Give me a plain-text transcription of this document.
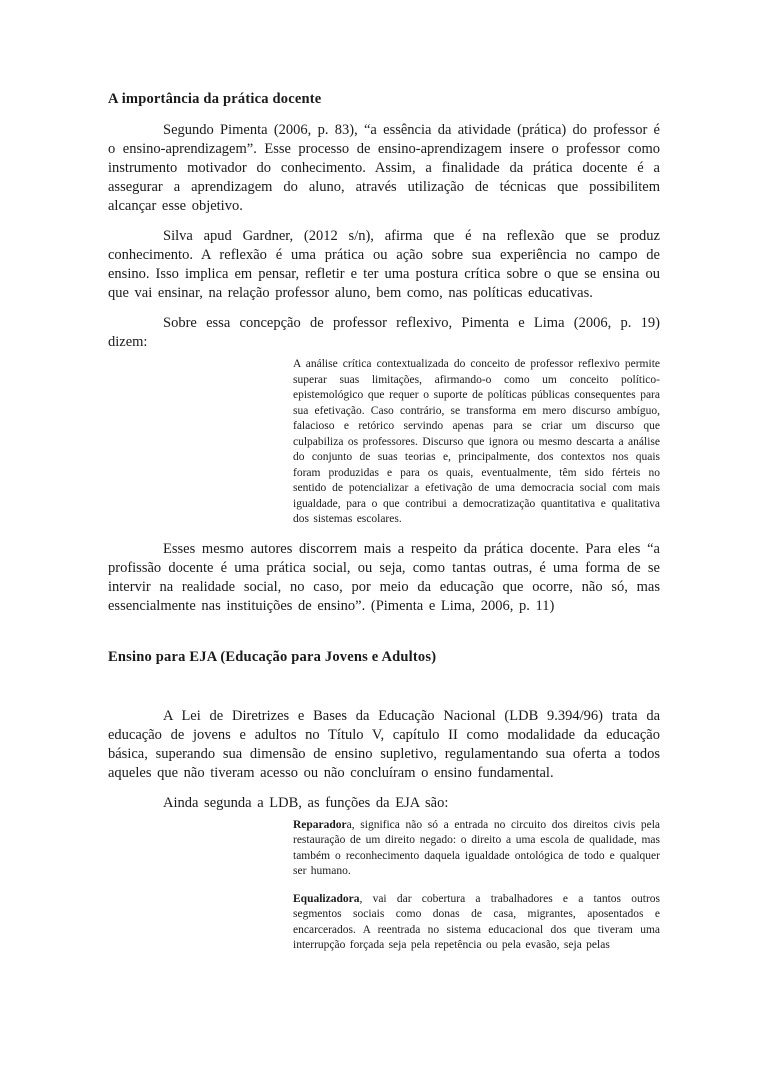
A importância da prática docente

Segundo Pimenta (2006, p. 83), “a essência da atividade (prática) do professor é o ensino-aprendizagem”. Esse processo de ensino-aprendizagem insere o professor como instrumento motivador do conhecimento. Assim, a finalidade da prática docente é a assegurar a aprendizagem do aluno, através utilização de técnicas que possibilitem alcançar esse objetivo.

Silva apud Gardner, (2012 s/n), afirma que é na reflexão que se produz conhecimento. A reflexão é uma prática ou ação sobre sua experiência no campo de ensino. Isso implica em pensar, refletir e ter uma postura crítica sobre o que se ensina ou que vai ensinar, na relação professor aluno, bem como, nas políticas educativas.

Sobre essa concepção de professor reflexivo, Pimenta e Lima (2006, p. 19) dizem:

A análise crítica contextualizada do conceito de professor reflexivo permite superar suas limitações, afirmando-o como um conceito político-epistemológico que requer o suporte de políticas públicas consequentes para sua efetivação. Caso contrário, se transforma em mero discurso ambíguo, falacioso e retórico servindo apenas para se criar um discurso que culpabiliza os professores. Discurso que ignora ou mesmo descarta a análise do conjunto de suas teorias e, principalmente, dos contextos nos quais foram produzidas e para os quais, eventualmente, têm sido férteis no sentido de potencializar a efetivação de uma democracia social com mais igualdade, para o que contribui a democratização quantitativa e qualitativa dos sistemas escolares.

Esses mesmo autores discorrem mais a respeito da prática docente. Para eles “a profissão docente é uma prática social, ou seja, como tantas outras, é uma forma de se intervir na realidade social, no caso, por meio da educação que ocorre, não só, mas essencialmente nas instituições de ensino”. (Pimenta e Lima, 2006, p. 11)

Ensino para EJA (Educação para Jovens e Adultos)

A Lei de Diretrizes e Bases da Educação Nacional (LDB 9.394/96) trata da educação de jovens e adultos no Título V, capítulo II como modalidade da educação básica, superando sua dimensão de ensino supletivo, regulamentando sua oferta a todos aqueles que não tiveram acesso ou não concluíram o ensino fundamental.

Ainda segunda a LDB, as funções da EJA são:

Reparadora, significa não só a entrada no circuito dos direitos civis pela restauração de um direito negado: o direito a uma escola de qualidade, mas também o reconhecimento daquela igualdade ontológica de todo e qualquer ser humano.
Equalizadora, vai dar cobertura a trabalhadores e a tantos outros segmentos sociais como donas de casa, migrantes, aposentados e encarcerados. A reentrada no sistema educacional dos que tiveram uma interrupção forçada seja pela repetência ou pela evasão, seja pelas
